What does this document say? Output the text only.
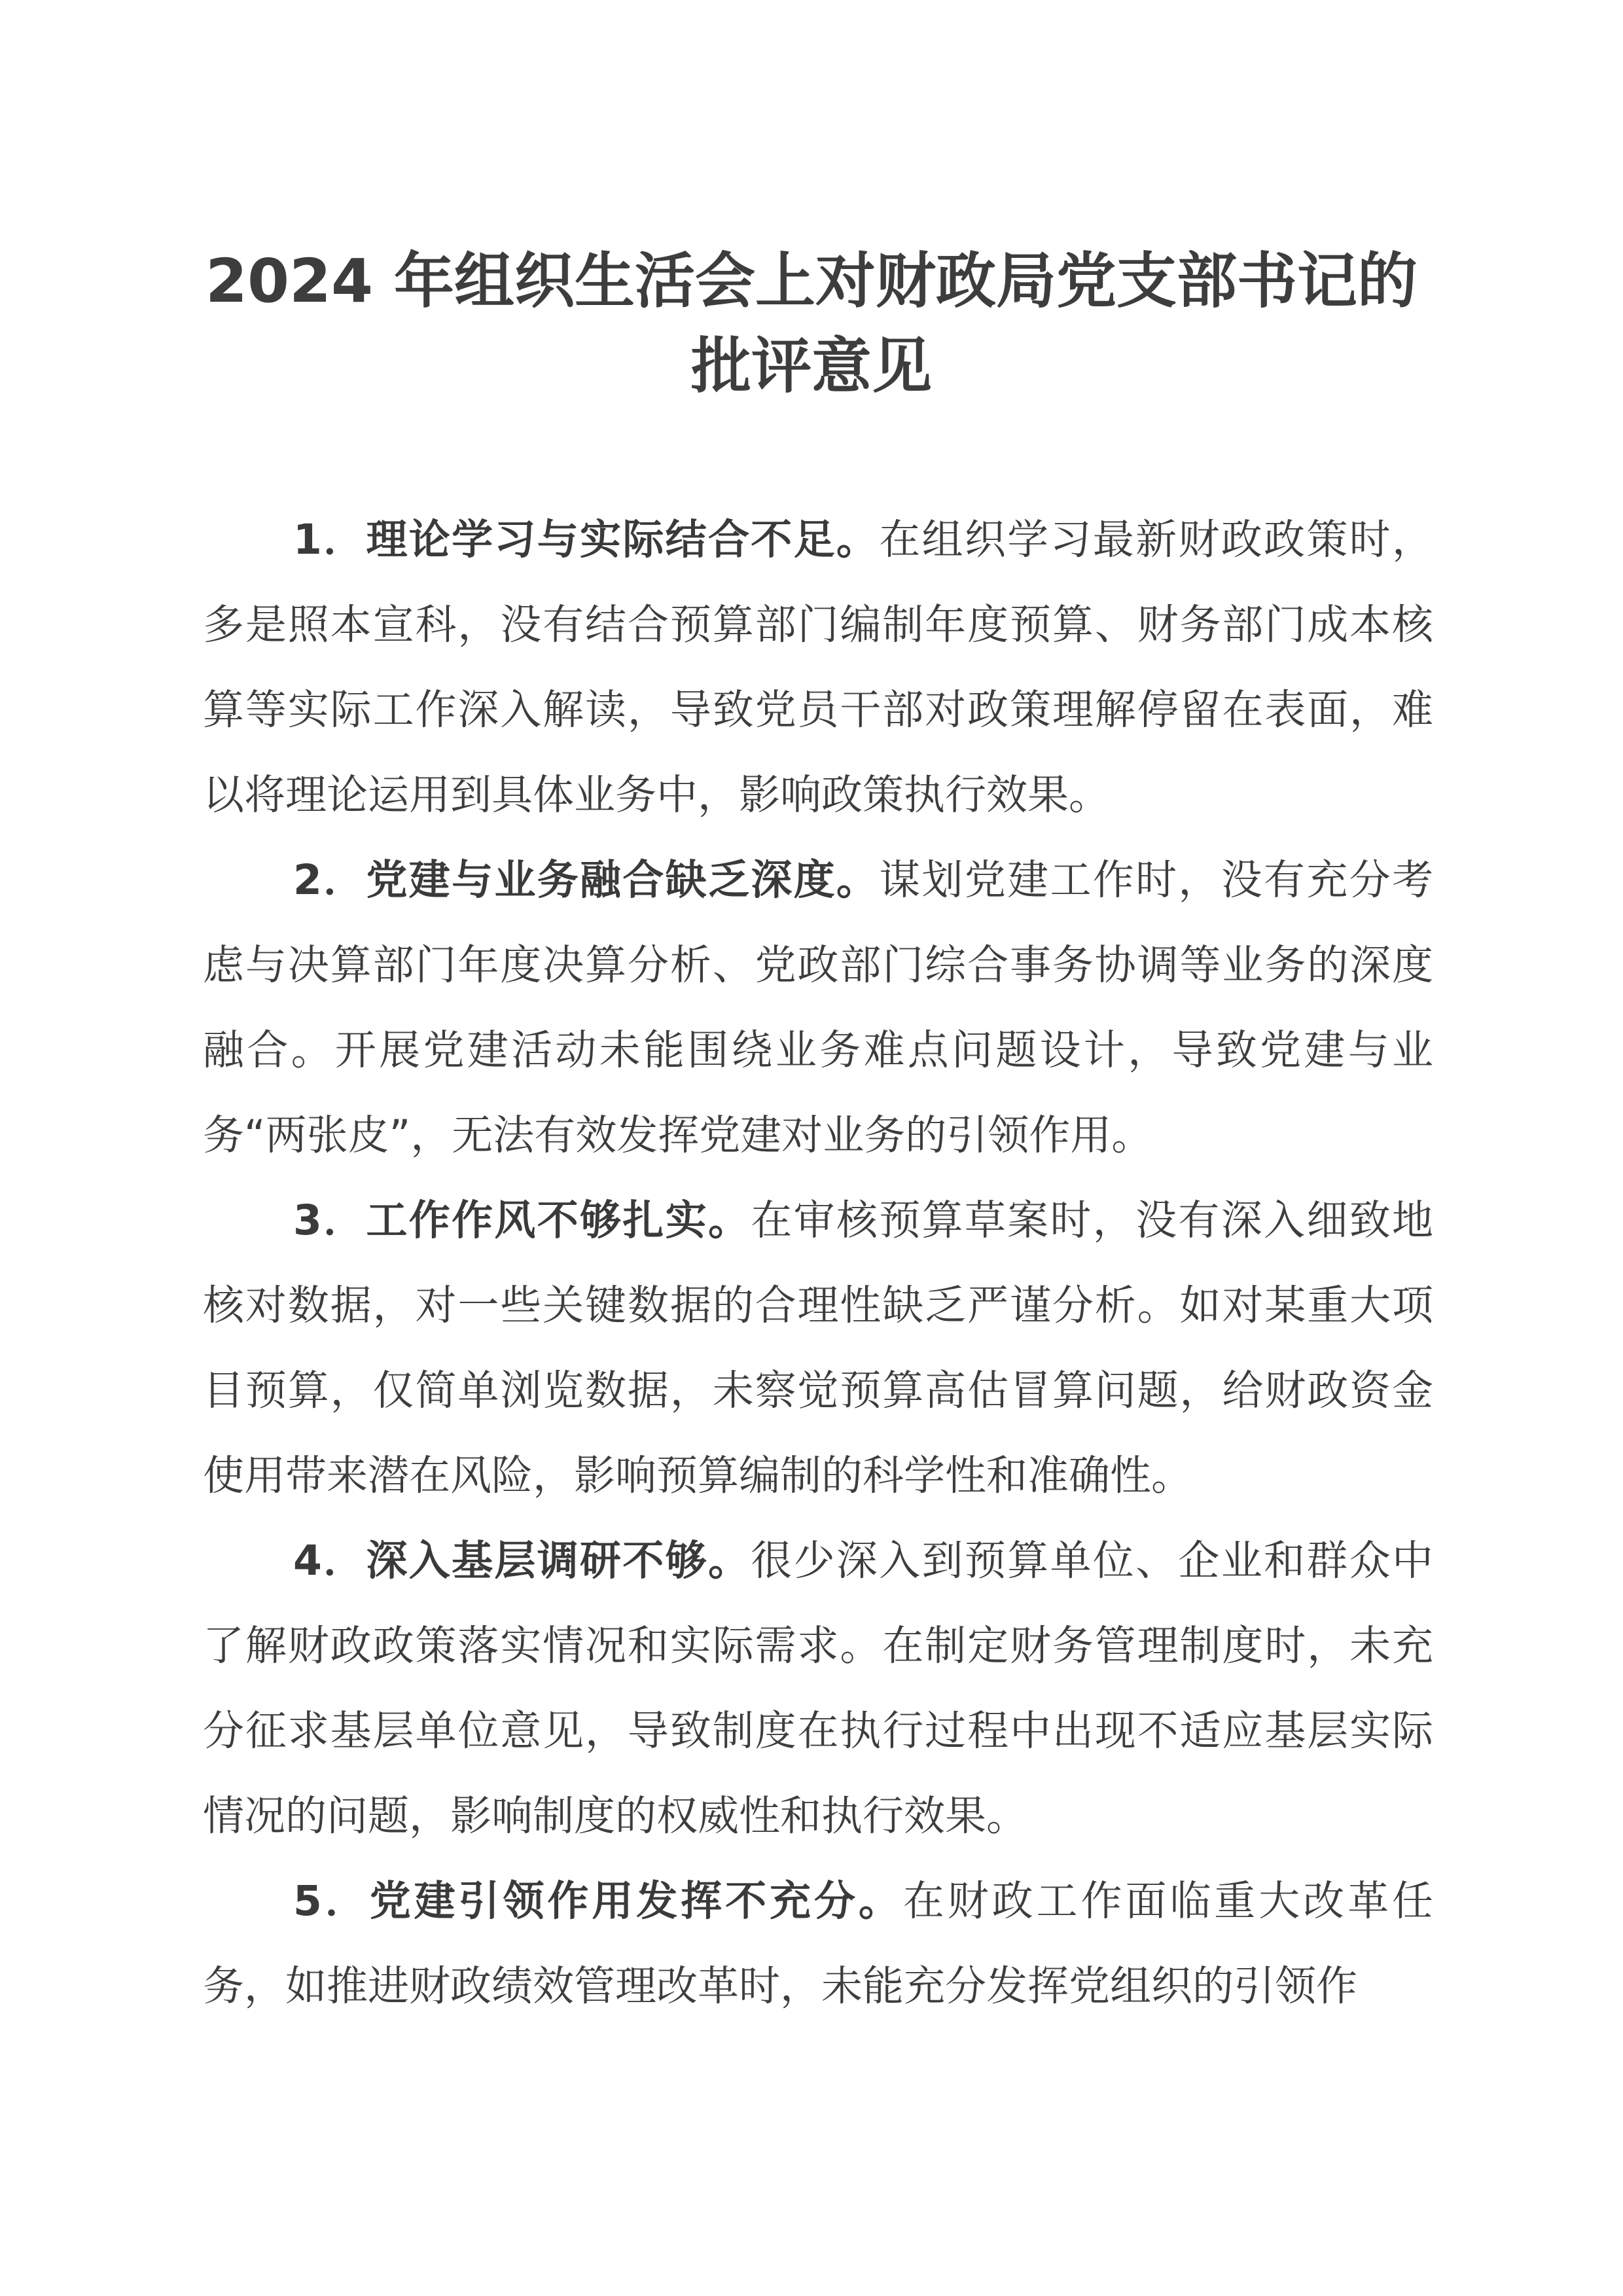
2024 年组织生活会上对财政局党支部书记的
批评意见

1．理论学习与实际结合不足。在组织学习最新财政政策时，多是照本宣科，没有结合预算部门编制年度预算、财务部门成本核算等实际工作深入解读，导致党员干部对政策理解停留在表面，难以将理论运用到具体业务中，影响政策执行效果。

2．党建与业务融合缺乏深度。谋划党建工作时，没有充分考虑与决算部门年度决算分析、党政部门综合事务协调等业务的深度融合。开展党建活动未能围绕业务难点问题设计，导致党建与业务“两张皮”，无法有效发挥党建对业务的引领作用。

3．工作作风不够扎实。在审核预算草案时，没有深入细致地核对数据，对一些关键数据的合理性缺乏严谨分析。如对某重大项目预算，仅简单浏览数据，未察觉预算高估冒算问题，给财政资金使用带来潜在风险，影响预算编制的科学性和准确性。

4．深入基层调研不够。很少深入到预算单位、企业和群众中了解财政政策落实情况和实际需求。在制定财务管理制度时，未充分征求基层单位意见，导致制度在执行过程中出现不适应基层实际情况的问题，影响制度的权威性和执行效果。

5．党建引领作用发挥不充分。在财政工作面临重大改革任务，如推进财政绩效管理改革时，未能充分发挥党组织的引领作
